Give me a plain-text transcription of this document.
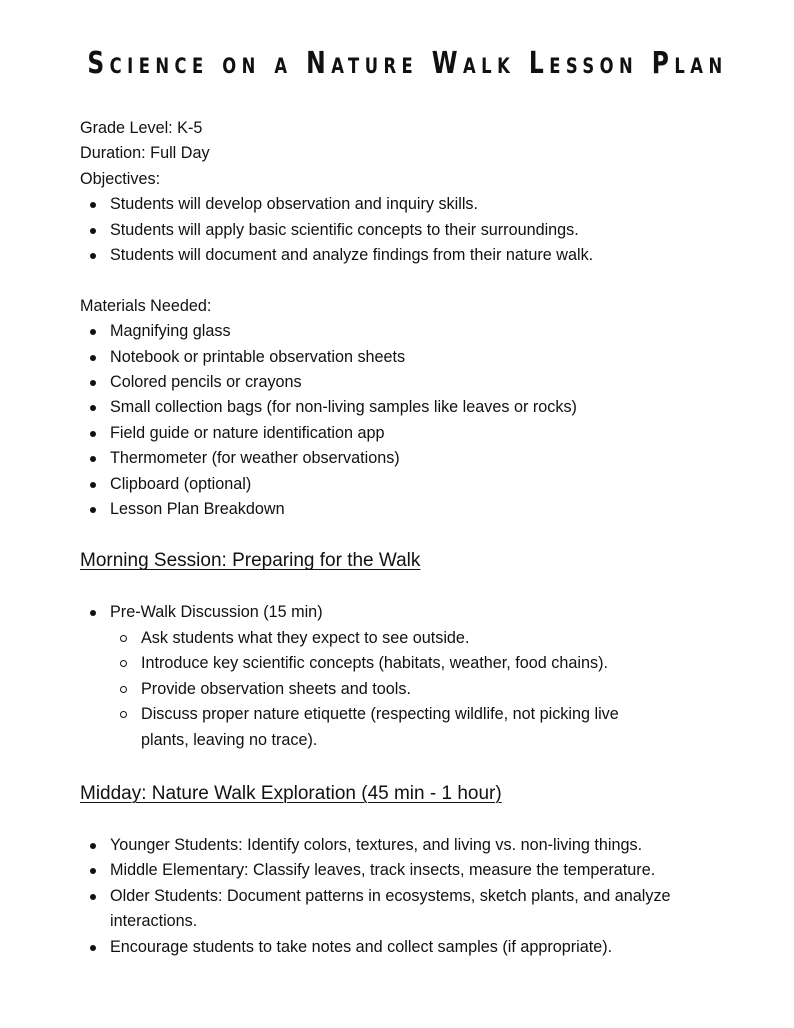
Science on a Nature Walk Lesson Plan

Grade Level: K-5

Duration: Full Day

Objectives:

Students will develop observation and inquiry skills.
Students will apply basic scientific concepts to their surroundings.
Students will document and analyze findings from their nature walk.

Materials Needed:

Magnifying glass
Notebook or printable observation sheets
Colored pencils or crayons
Small collection bags (for non-living samples like leaves or rocks)
Field guide or nature identification app
Thermometer (for weather observations)
Clipboard (optional)
Lesson Plan Breakdown

Morning Session: Preparing for the Walk

Pre-Walk Discussion (15 min)
Ask students what they expect to see outside.
Introduce key scientific concepts (habitats, weather, food chains).
Provide observation sheets and tools.
Discuss proper nature etiquette (respecting wildlife, not picking live plants, leaving no trace).

Midday: Nature Walk Exploration (45 min - 1 hour)

Younger Students: Identify colors, textures, and living vs. non-living things.
Middle Elementary: Classify leaves, track insects, measure the temperature.
Older Students: Document patterns in ecosystems, sketch plants, and analyze interactions.
Encourage students to take notes and collect samples (if appropriate).
